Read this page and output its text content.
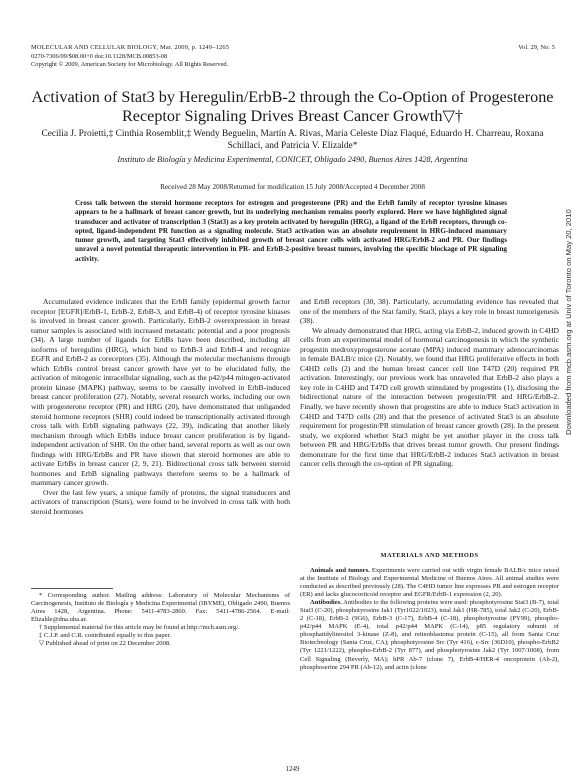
MOLECULAR AND CELLULAR BIOLOGY, Mar. 2009, p. 1249–1265
0270-7306/09/$08.00+0 doi:10.1128/MCB.00853-08
Copyright © 2009, American Society for Microbiology. All Rights Reserved.
Vol. 29, No. 5
Activation of Stat3 by Heregulin/ErbB-2 through the Co-Option of Progesterone Receptor Signaling Drives Breast Cancer Growth▽†
Cecilia J. Proietti,‡ Cinthia Rosemblit,‡ Wendy Beguelin, Martín A. Rivas, María Celeste Díaz Flaqué, Eduardo H. Charreau, Roxana Schillaci, and Patricia V. Elizalde*
Instituto de Biología y Medicina Experimental, CONICET, Obligado 2490, Buenos Aires 1428, Argentina
Received 28 May 2008/Returned for modification 15 July 2008/Accepted 4 December 2008
Cross talk between the steroid hormone receptors for estrogen and progesterone (PR) and the ErbB family of receptor tyrosine kinases appears to be a hallmark of breast cancer growth, but its underlying mechanism remains poorly explored. Here we have highlighted signal transducer and activator of transcription 3 (Stat3) as a key protein activated by heregulin (HRG), a ligand of the ErbB receptors, through co-opted, ligand-independent PR function as a signaling molecule. Stat3 activation was an absolute requirement in HRG-induced mammary tumor growth, and targeting Stat3 effectively inhibited growth of breast cancer cells with activated HRG/ErbB-2 and PR. Our findings unravel a novel potential therapeutic intervention in PR- and ErbB-2-positive breast tumors, involving the specific blockage of PR signaling activity.

Accumulated evidence indicates that the ErbB family (epidermal growth factor receptor [EGFR]/ErbB-1, ErbB-2, ErbB-3, and ErbB-4) of receptor tyrosine kinases is involved in breast cancer growth. Particularly, ErbB-2 overexpression in breast tumor samples is associated with increased metastatic potential and a poor prognosis (34). A large number of ligands for ErbBs have been described, including all isoforms of heregulins (HRG), which bind to ErbB-3 and ErbB-4 and recognize EGFR and ErbB-2 as coreceptors (35). Although the molecular mechanisms through which ErbBs control breast cancer growth have yet to be elucidated fully, the activation of mitogenic intracellular signaling, such as the p42/p44 mitogen-activated protein kinase (MAPK) pathway, seems to be causally involved in ErbB-induced breast cancer proliferation (27). Notably, several research works, including our own with progesterone receptor (PR) and HRG (20), have demonstrated that unliganded steroid hormone receptors (SHR) could indeed be transcriptionally activated through cross talk with ErbB signaling pathways (22, 39), indicating that another likely mechanism through which ErbBs induce breast cancer proliferation is by ligand-independent activation of SHR. On the other hand, several reports as well as our own findings with HRG/ErbBs and PR have shown that steroid hormones are able to activate ErbBs in breast cancer (2, 9, 21). Bidirectional cross talk between steroid hormones and ErbB signaling pathways therefore seems to be a hallmark of mammary cancer growth.

Over the last few years, a unique family of proteins, the signal transducers and activators of transcription (Stats), were found to be involved in cross talk with both steroid hormones

and ErbB receptors (30, 38). Particularly, accumulating evidence has revealed that one of the members of the Stat family, Stat3, plays a key role in breast tumorigenesis (38).

We already demonstrated that HRG, acting via ErbB-2, induced growth in C4HD cells from an experimental model of hormonal carcinogenesis in which the synthetic progestin medroxyprogesterone acetate (MPA) induced mammary adenocarcinomas in female BALB/c mice (2). Notably, we found that HRG proliferative effects in both C4HD cells (2) and the human breast cancer cell line T47D (20) required PR activation. Interestingly, our previous work has unraveled that ErbB-2 also plays a key role in C4HD and T47D cell growth stimulated by progestins (1), disclosing the bidirectional nature of the interaction between progestin/PR and HRG/ErbB-2. Finally, we have recently shown that progestins are able to induce Stat3 activation in C4HD and T47D cells (28) and that the presence of activated Stat3 is an absolute requirement for progestin/PR stimulation of breast cancer growth (28). In the present study, we explored whether Stat3 might be yet another player in the cross talk between PR and HRG/ErbBs that drives breast tumor growth. Our present findings demonstrate for the first time that HRG/ErbB-2 induces Stat3 activation in breast cancer cells through the co-option of PR signaling.

MATERIALS AND METHODS

Animals and tumors. Experiments were carried out with virgin female BALB/c mice raised at the Institute of Biology and Experimental Medicine of Buenos Aires. All animal studies were conducted as described previously (28). The C4HD tumor line expresses PR and estrogen receptor (ER) and lacks glucocorticoid receptor and EGFR/ErbB-1 expression (2, 20).

Antibodies. Antibodies to the following proteins were used: phosphotyrosine Stat3 (B-7), total Stat3 (C-20), phosphotyrosine Jak1 (Tyr1022/1023), total Jak1 (HR-785), total Jak2 (C-20), ErbB-2 (C-18), ErbB-2 (9G6), ErbB-3 (C-17), ErbB-4 (C-18), phosphotyrosine (PY99), phospho-p42/p44 MAPK (E-4), total p42/p44 MAPK (C-14), p85 regulatory subunit of phosphatidylinositol 3-kinase (Z-8), and retinoblastoma protein (C-15), all from Santa Cruz Biotechnology (Santa Cruz, CA); phosphotyrosine Src (Tyr 416), c-Src (36D10), phospho-ErbB2 (Tyr 1221/1222), phospho-ErbB-2 (Tyr 877), and phosphotyrosine Jak2 (Tyr 1007/1008), from Cell Signaling (Beverly, MA); hPR Ab-7 (clone 7), ErbB-4/HER-4 oncoprotein (Ab-2), phosphoserine 294 PR (Ab-12), and actin (clone

* Corresponding author. Mailing address: Laboratory of Molecular Mechanisms of Carcinogenesis, Instituto de Biología y Medicina Experimental (IBYME), Obligado 2490, Buenos Aires 1428, Argentina. Phone: 5411-4783-2869. Fax: 5411-4786-2564. E-mail: Elizalde@dna.uba.ar.

† Supplemental material for this article may be found at http://mcb.asm.org/.

‡ C.J.P. and C.R. contributed equally to this paper.

▽ Published ahead of print on 22 December 2008.

1249
Downloaded from mcb.asm.org at Univ of Toronto on May 20, 2010
